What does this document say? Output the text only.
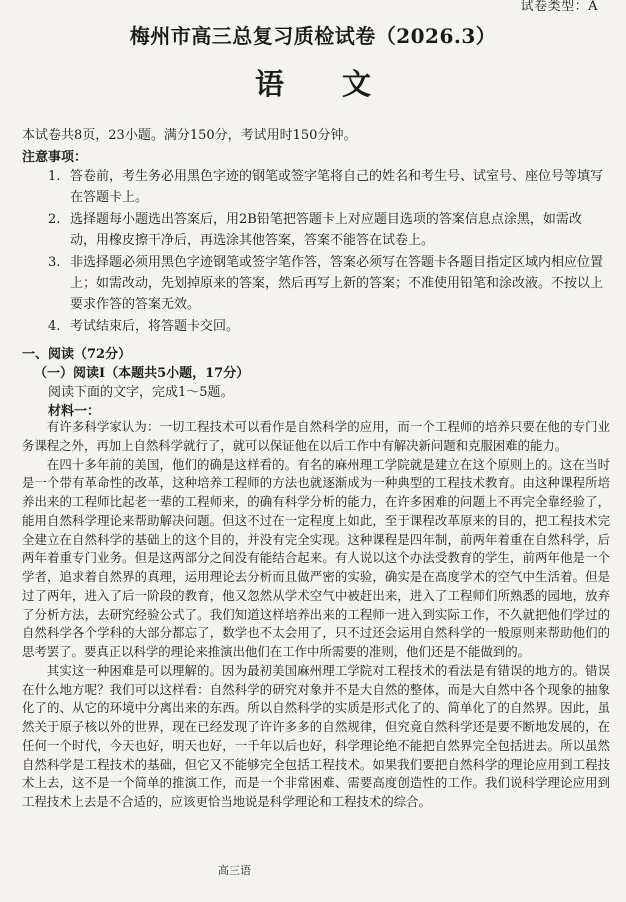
试卷类型：A
梅州市高三总复习质检试卷（2026.3）
语文
本试卷共8页，23小题。满分150分，考试用时150分钟。
注意事项：
1. 答卷前，考生务必用黑色字迹的钢笔或签字笔将自己的姓名和考生号、试室号、座位号等填写在答题卡上。
2. 选择题每小题选出答案后，用2B铅笔把答题卡上对应题目选项的答案信息点涂黑，如需改动，用橡皮擦干净后，再选涂其他答案，答案不能答在试卷上。
3. 非选择题必须用黑色字迹钢笔或签字笔作答，答案必须写在答题卡各题目指定区域内相应位置上；如需改动，先划掉原来的答案，然后再写上新的答案；不准使用铅笔和涂改液。不按以上要求作答的答案无效。
4. 考试结束后，将答题卡交回。
一、阅读（72分）
（一）阅读Ⅰ（本题共5小题，17分）
阅读下面的文字，完成1～5题。
材料一：

有许多科学家认为：一切工程技术可以看作是自然科学的应用，而一个工程师的培养只要在他的专门业务课程之外，再加上自然科学就行了，就可以保证他在以后工作中有解决新问题和克服困难的能力。

在四十多年前的美国，他们的确是这样看的。有名的麻州理工学院就是建立在这个原则上的。这在当时是一个带有革命性的改革，这种培养工程师的方法也就逐渐成为一种典型的工程技术教育。由这种课程所培养出来的工程师比起老一辈的工程师来，的确有科学分析的能力，在许多困难的问题上不再完全靠经验了，能用自然科学理论来帮助解决问题。但这不过在一定程度上如此，至于课程改革原来的目的，把工程技术完全建立在自然科学的基础上的这个目的，并没有完全实现。这种课程是四年制，前两年着重在自然科学，后两年着重专门业务。但是这两部分之间没有能结合起来。有人说以这个办法受教育的学生，前两年他是一个学者，追求着自然界的真理，运用理论去分析而且做严密的实验，确实是在高度学术的空气中生活着。但是过了两年，进入了后一阶段的教育，他又忽然从学术空气中被赶出来，进入了工程师们所熟悉的园地，放弃了分析方法，去研究经验公式了。我们知道这样培养出来的工程师一进入到实际工作，不久就把他们学过的自然科学各个学科的大部分都忘了，数学也不太会用了，只不过还会运用自然科学的一般原则来帮助他们的思考罢了。要真正以科学的理论来推演出他们在工作中所需要的准则，他们还是不能做到的。

其实这一种困难是可以理解的。因为最初美国麻州理工学院对工程技术的看法是有错误的地方的。错误在什么地方呢？我们可以这样看：自然科学的研究对象并不是大自然的整体，而是大自然中各个现象的抽象化了的、从它的环境中分离出来的东西。所以自然科学的实质是形式化了的、简单化了的自然界。因此，虽然关于原子核以外的世界，现在已经发现了许许多多的自然规律，但究竟自然科学还是要不断地发展的，在任何一个时代，今天也好，明天也好，一千年以后也好，科学理论绝不能把自然界完全包括进去。所以虽然自然科学是工程技术的基础，但它又不能够完全包括工程技术。如果我们要把自然科学的理论应用到工程技术上去，这不是一个简单的推演工作，而是一个非常困难、需要高度创造性的工作。我们说科学理论应用到工程技术上去是不合适的，应该更恰当地说是科学理论和工程技术的综合。

高三语
